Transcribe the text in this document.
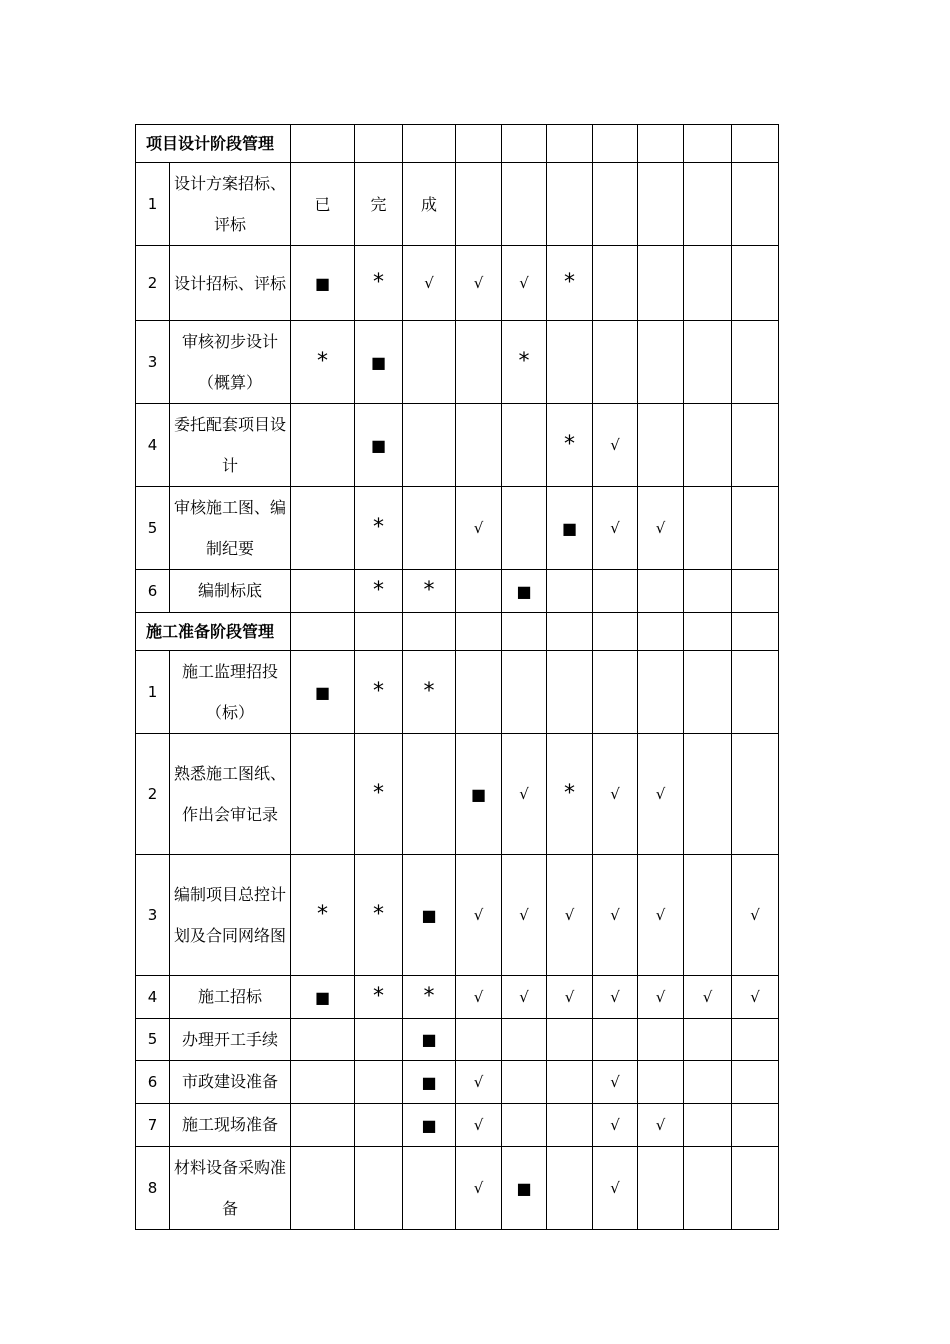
项目设计阶段管理											
1	设计方案招标、评标	已	完	成							
2	设计招标、评标	■	*	√	√	√	*				
3	审核初步设计（概算）	*	■			*					
4	委托配套项目设计		■				*	√			
5	审核施工图、编制纪要		*		√		■	√	√		
6	编制标底		*	*		■					
施工准备阶段管理											
1	施工监理招投（标）	■	*	*							
2	熟悉施工图纸、作出会审记录		*		■	√	*	√	√		
3	编制项目总控计划及合同网络图	*	*	■	√	√	√	√	√		√
4	施工招标	■	*	*	√	√	√	√	√	√	√
5	办理开工手续			■							
6	市政建设准备			■	√			√			
7	施工现场准备			■	√			√	√		
8	材料设备采购准备				√	■		√			
